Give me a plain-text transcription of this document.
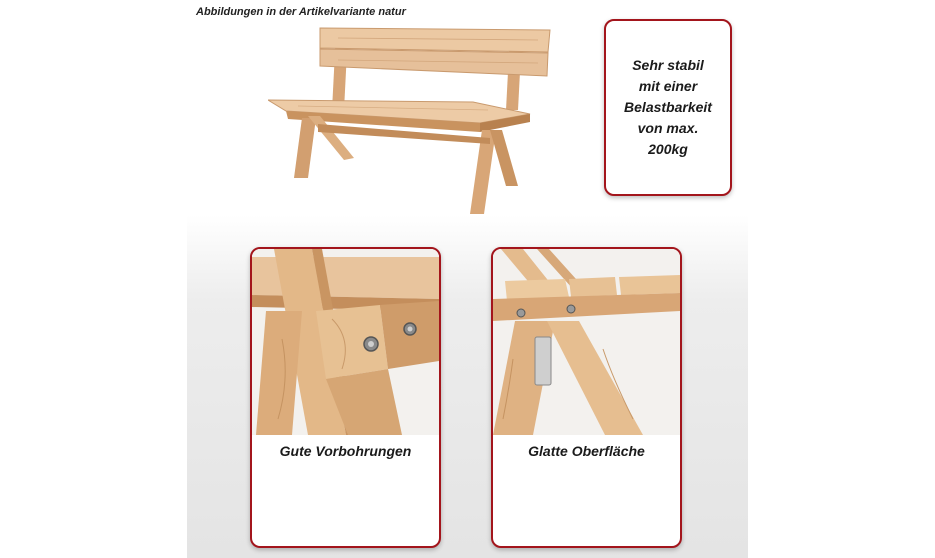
Abbildungen in der Artikelvariante natur
Sehr stabil
mit einer
Belastbarkeit
von max.
200kg
Gute Vorbohrungen	Glatte Oberfläche
